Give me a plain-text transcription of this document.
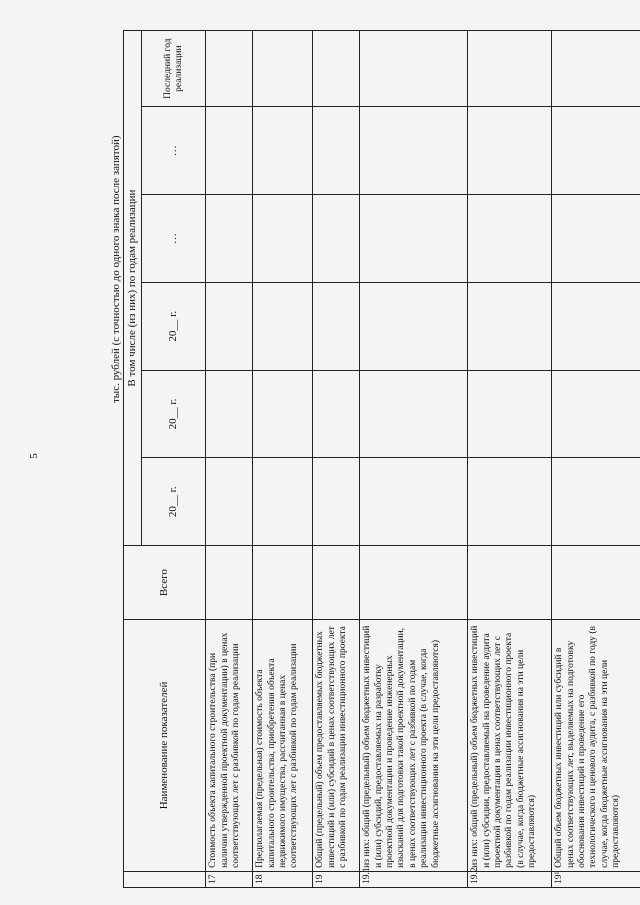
5
тыс. рублей (с точностью до одного знака после запятой)
	Наименование показателей	Всего	В том числе (из них) по годам реализации					
			20__ г.	20__ г.	20__ г.	…	…	Последний год реализации
17	Стоимость объекта капитального строительства (при наличии утвержденной проектной документации) в ценах соответствующих лет с разбивкой по годам реализации							
18	Предполагаемая (предельная) стоимость объекта капитального строительства, приобретения объекта недвижимого имущества, рассчитанная в ценах соответствующих лет с разбивкой по годам реализации							
19	Общий (предельный) объем предоставляемых бюджетных инвестиций и (или) субсидий в ценах соответствующих лет с разбивкой по годам реализации инвестиционного проекта							
19.1	из них: общий (предельный) объем бюджетных инвестиций и (или) субсидий, предоставляемых на разработку проектной документации и проведение инженерных изысканий для подготовки такой проектной документации, в ценах соответствующих лет с разбивкой по годам реализации инвестиционного проекта (в случае, когда бюджетные ассигнования на эти цели предоставляются)							
19.2	из них: общий (предельный) объем бюджетных инвестиций и (или) субсидии, предоставляемый на проведение аудита проектной документации в ценах соответствующих лет с разбивкой по годам реализации инвестиционного проекта (в случае, когда бюджетные ассигнования на эти цели предоставляются)							
19¹	Общий объем бюджетных инвестиций или субсидий в ценах соответствующих лет, выделяемых на подготовку обоснования инвестиций и проведение его технологического и ценового аудита, с разбивкой по году (в случае, когда бюджетные ассигнования на эти цели предоставляются)							
